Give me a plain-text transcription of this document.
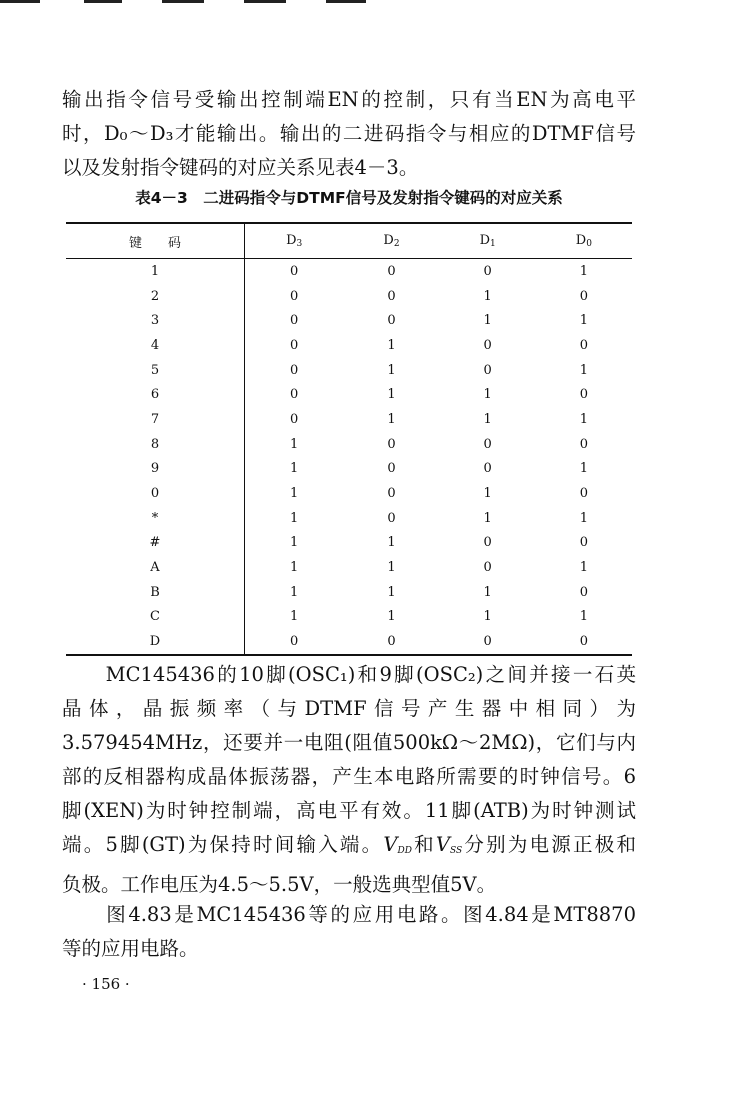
输出指令信号受输出控制端EN的控制，只有当EN为高电平
时，D₀～D₃才能输出。输出的二进码指令与相应的DTMF信号
以及发射指令键码的对应关系见表4－3。

表4－3　二进码指令与DTMF信号及发射指令键码的对应关系
键　　码	$D_3$	$D_2$	$D_1$	$D_0$
1	0	0	0	1
2	0	0	1	0
3	0	0	1	1
4	0	1	0	0
5	0	1	0	1
6	0	1	1	0
7	0	1	1	1
8	1	0	0	0
9	1	0	0	1
0	1	0	1	0
*	1	0	1	1
#	1	1	0	0
A	1	1	0	1
B	1	1	1	0
C	1	1	1	1
D	0	0	0	0

　　MC145436的10脚(OSC₁)和9脚(OSC₂)之间并接一石英
晶体，晶振频率（与DTMF信号产生器中相同）为
3.579454MHz，还要并一电阻(阻值500kΩ～2MΩ)，它们与内
部的反相器构成晶体振荡器，产生本电路所需要的时钟信号。6
脚(XEN)为时钟控制端，高电平有效。11脚(ATB)为时钟测试
端。5脚(GT)为保持时间输入端。$V_{DD}$和$V_{SS}$分别为电源正极和
负极。工作电压为4.5～5.5V，一般选典型值5V。

　　图4.83是MC145436等的应用电路。图4.84是MT8870
等的应用电路。

· 156 ·
